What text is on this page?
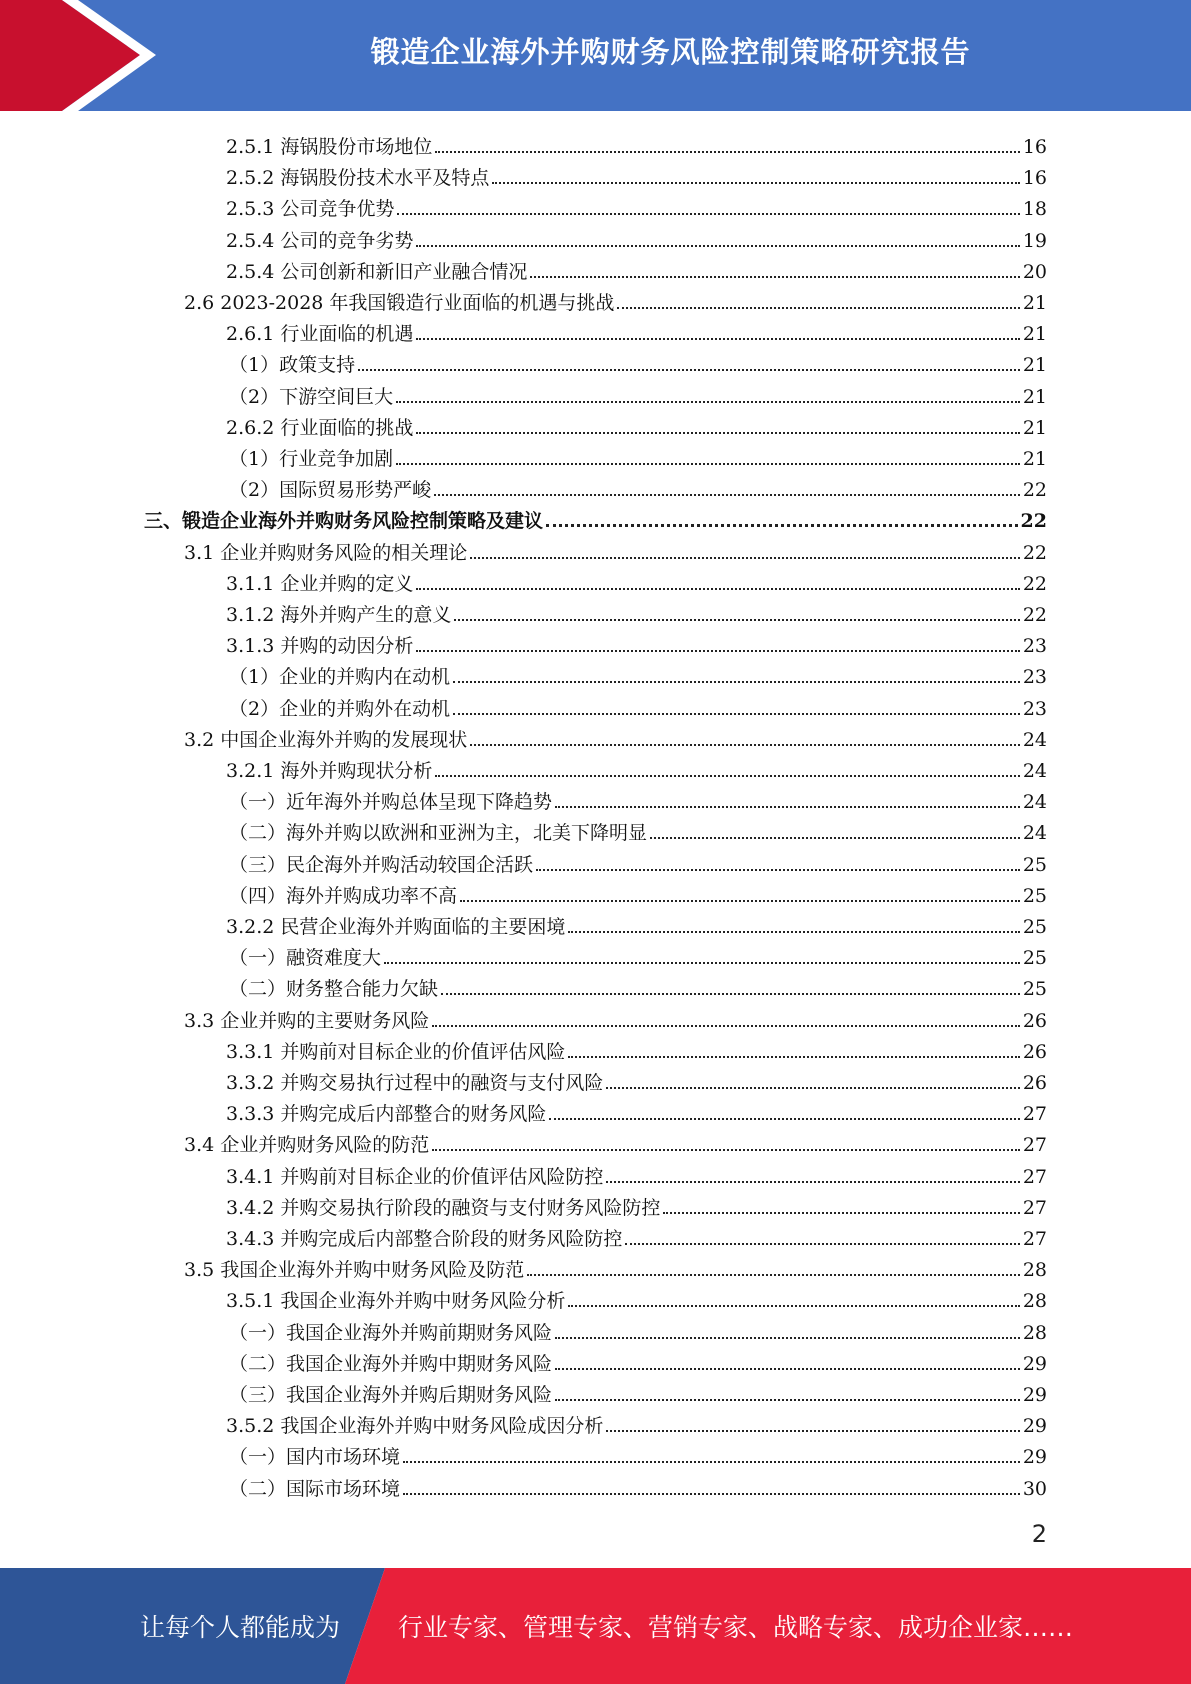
锻造企业海外并购财务风险控制策略研究报告
2.5.1 海锅股份市场地位	16
2.5.2 海锅股份技术水平及特点	16
2.5.3 公司竞争优势	18
2.5.4 公司的竞争劣势	19
2.5.4 公司创新和新旧产业融合情况	20
2.6 2023-2028 年我国锻造行业面临的机遇与挑战	21
2.6.1 行业面临的机遇	21
（1）政策支持	21
（2）下游空间巨大	21
2.6.2 行业面临的挑战	21
（1）行业竞争加剧	21
（2）国际贸易形势严峻	22
三、锻造企业海外并购财务风险控制策略及建议	22
3.1 企业并购财务风险的相关理论	22
3.1.1 企业并购的定义	22
3.1.2 海外并购产生的意义	22
3.1.3 并购的动因分析	23
（1）企业的并购内在动机	23
（2）企业的并购外在动机	23
3.2 中国企业海外并购的发展现状	24
3.2.1 海外并购现状分析	24
（一）近年海外并购总体呈现下降趋势	24
（二）海外并购以欧洲和亚洲为主，北美下降明显	24
（三）民企海外并购活动较国企活跃	25
（四）海外并购成功率不高	25
3.2.2 民营企业海外并购面临的主要困境	25
（一）融资难度大	25
（二）财务整合能力欠缺	25
3.3 企业并购的主要财务风险	26
3.3.1 并购前对目标企业的价值评估风险	26
3.3.2 并购交易执行过程中的融资与支付风险	26
3.3.3 并购完成后内部整合的财务风险	27
3.4 企业并购财务风险的防范	27
3.4.1 并购前对目标企业的价值评估风险防控	27
3.4.2 并购交易执行阶段的融资与支付财务风险防控	27
3.4.3 并购完成后内部整合阶段的财务风险防控	27
3.5 我国企业海外并购中财务风险及防范	28
3.5.1 我国企业海外并购中财务风险分析	28
（一）我国企业海外并购前期财务风险	28
（二）我国企业海外并购中期财务风险	29
（三）我国企业海外并购后期财务风险	29
3.5.2 我国企业海外并购中财务风险成因分析	29
（一）国内市场环境	29
（二）国际市场环境	30
2
让每个人都能成为 行业专家、管理专家、营销专家、战略专家、成功企业家……
